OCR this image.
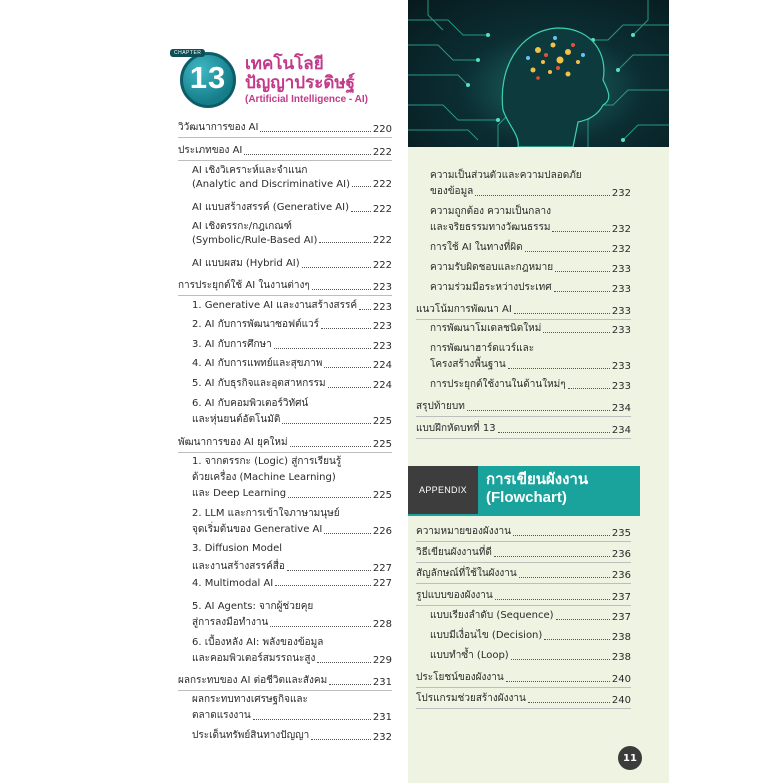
13
CHAPTER
เทคโนโลยี
ปัญญาประดิษฐ์
(Artificial Intelligence - AI)
วิวัฒนาการของ AI	220
ประเภทของ AI	222
AI เชิงวิเคราะห์และจำแนก
(Analytic and Discriminative AI) 222
AI แบบสร้างสรรค์ (Generative AI) 222
AI เชิงตรรกะ/กฎเกณฑ์
(Symbolic/Rule-Based AI)	222
AI แบบผสม (Hybrid AI)	222
การประยุกต์ใช้ AI ในงานต่างๆ	223
1. Generative AI และงานสร้างสรรค์ 223
2. AI กับการพัฒนาซอฟต์แวร์	223
3. AI กับการศึกษา	223
4. AI กับการแพทย์และสุขภาพ	224
5. AI กับธุรกิจและอุตสาหกรรม	224
6. AI กับคอมพิวเตอร์วิทัศน์
และหุ่นยนต์อัตโนมัติ	225
พัฒนาการของ AI ยุคใหม่	225
1. จากตรรกะ (Logic) สู่การเรียนรู้
ด้วยเครื่อง (Machine Learning)
และ Deep Learning	225
2. LLM และการเข้าใจภาษามนุษย์
จุดเริ่มต้นของ Generative AI	226
3. Diffusion Model
และงานสร้างสรรค์สื่อ	227
4. Multimodal AI	227
5. AI Agents: จากผู้ช่วยคุย
สู่การลงมือทำงาน	228
6. เบื้องหลัง AI: พลังของข้อมูล
และคอมพิวเตอร์สมรรถนะสูง	229
ผลกระทบของ AI ต่อชีวิตและสังคม	231
ผลกระทบทางเศรษฐกิจและ
ตลาดแรงงาน	231
ประเด็นทรัพย์สินทางปัญญา	232
ความเป็นส่วนตัวและความปลอดภัย
ของข้อมูล	232
ความถูกต้อง ความเป็นกลาง
และจริยธรรมทางวัฒนธรรม	232
การใช้ AI ในทางที่ผิด	232
ความรับผิดชอบและกฎหมาย	233
ความร่วมมือระหว่างประเทศ	233
แนวโน้มการพัฒนา AI	233
การพัฒนาโมเดลชนิดใหม่	233
การพัฒนาฮาร์ดแวร์และ
โครงสร้างพื้นฐาน	233
การประยุกต์ใช้งานในด้านใหม่ๆ	233
สรุปท้ายบท	234
แบบฝึกหัดบทที่ 13	234
APPENDIX
การเขียนผังงาน
(Flowchart)
ความหมายของผังงาน	235
วิธีเขียนผังงานที่ดี	236
สัญลักษณ์ที่ใช้ในผังงาน	236
รูปแบบของผังงาน	237
แบบเรียงลำดับ (Sequence)	237
แบบมีเงื่อนไข (Decision)	238
แบบทำซ้ำ (Loop)	238
ประโยชน์ของผังงาน	240
โปรแกรมช่วยสร้างผังงาน	240
11
